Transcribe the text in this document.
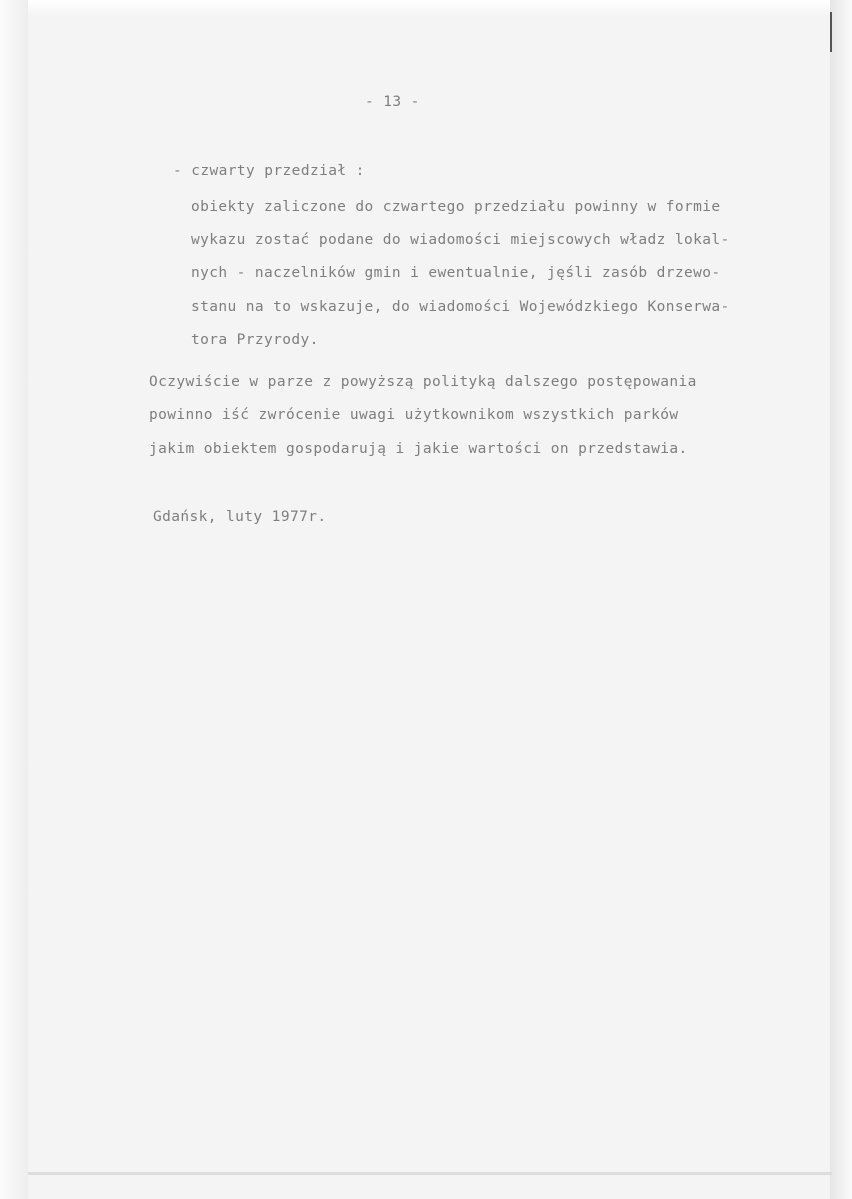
- 13 -
- czwarty przedział :
obiekty zaliczone do czwartego przedziału powinny w formie
wykazu zostać podane do wiadomości miejscowych władz lokal-
nych - naczelników gmin i ewentualnie, jęśli zasób drzewo-
stanu na to wskazuje, do wiadomości Wojewódzkiego Konserwa-
tora Przyrody.
Oczywiście w parze z powyższą polityką dalszego postępowania
powinno iść zwrócenie uwagi użytkownikom wszystkich parków
jakim obiektem gospodarują i jakie wartości on przedstawia.
Gdańsk, luty 1977r.
